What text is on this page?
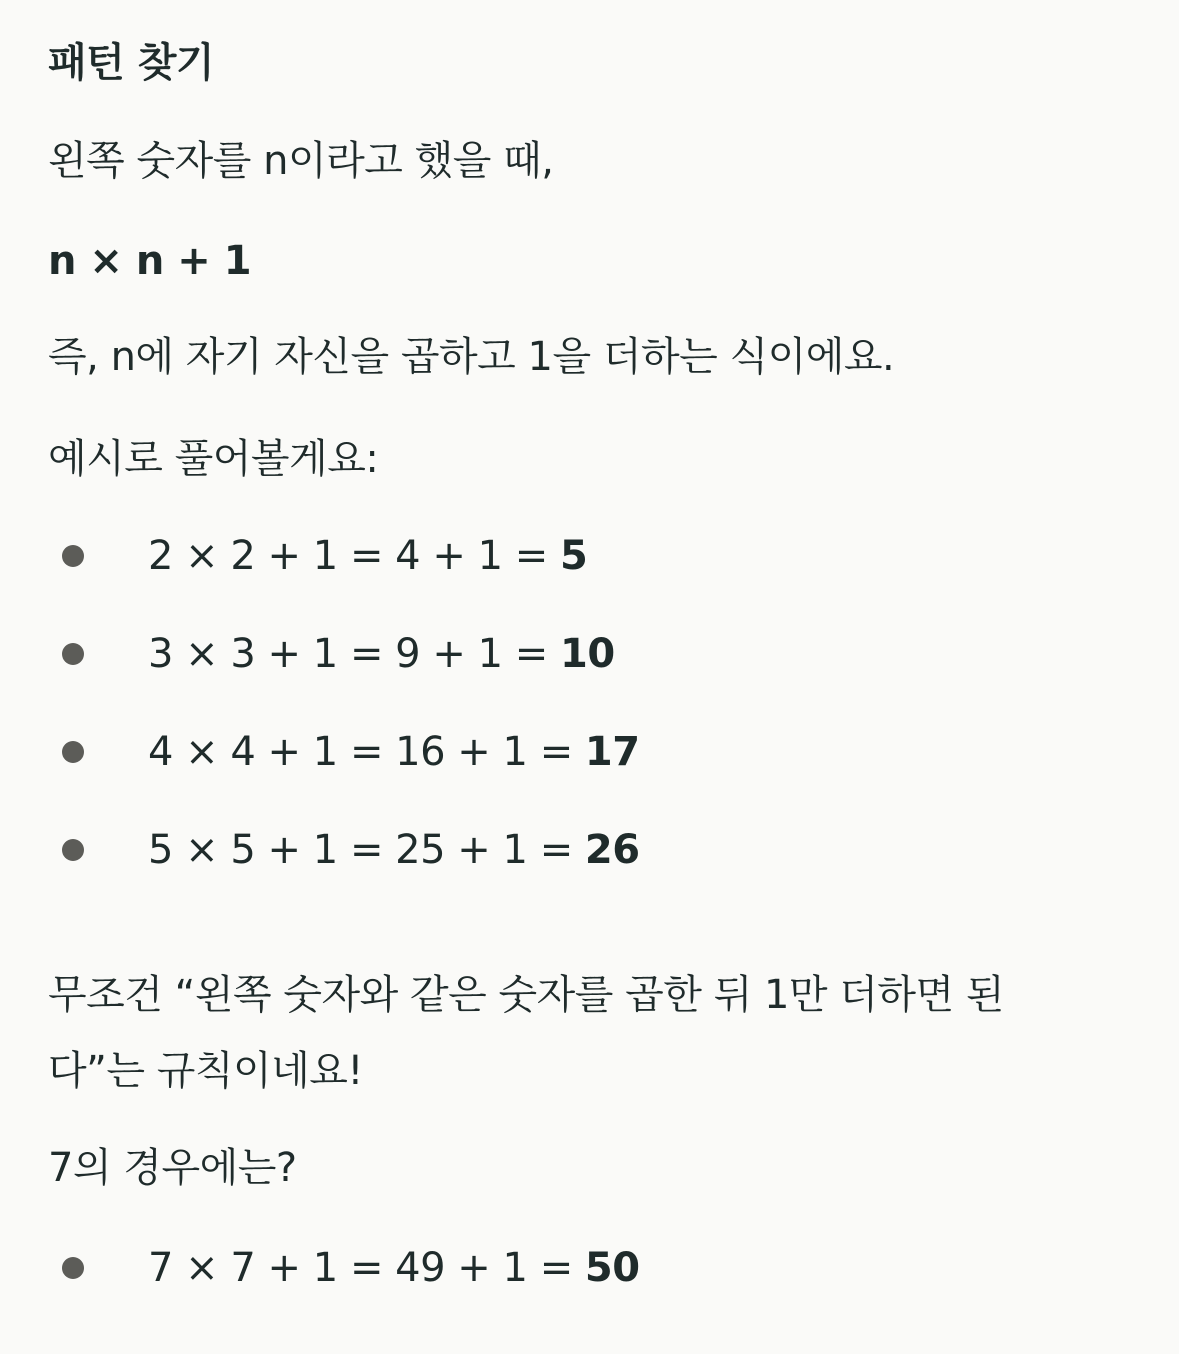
패턴 찾기
왼쪽 숫자를 n이라고 했을 때,
n × n + 1
즉, n에 자기 자신을 곱하고 1을 더하는 식이에요.
예시로 풀어볼게요:
2 × 2 + 1 = 4 + 1 = 5
3 × 3 + 1 = 9 + 1 = 10
4 × 4 + 1 = 16 + 1 = 17
5 × 5 + 1 = 25 + 1 = 26
무조건 “왼쪽 숫자와 같은 숫자를 곱한 뒤 1만 더하면 된
다”는 규칙이네요!
7의 경우에는?
7 × 7 + 1 = 49 + 1 = 50
